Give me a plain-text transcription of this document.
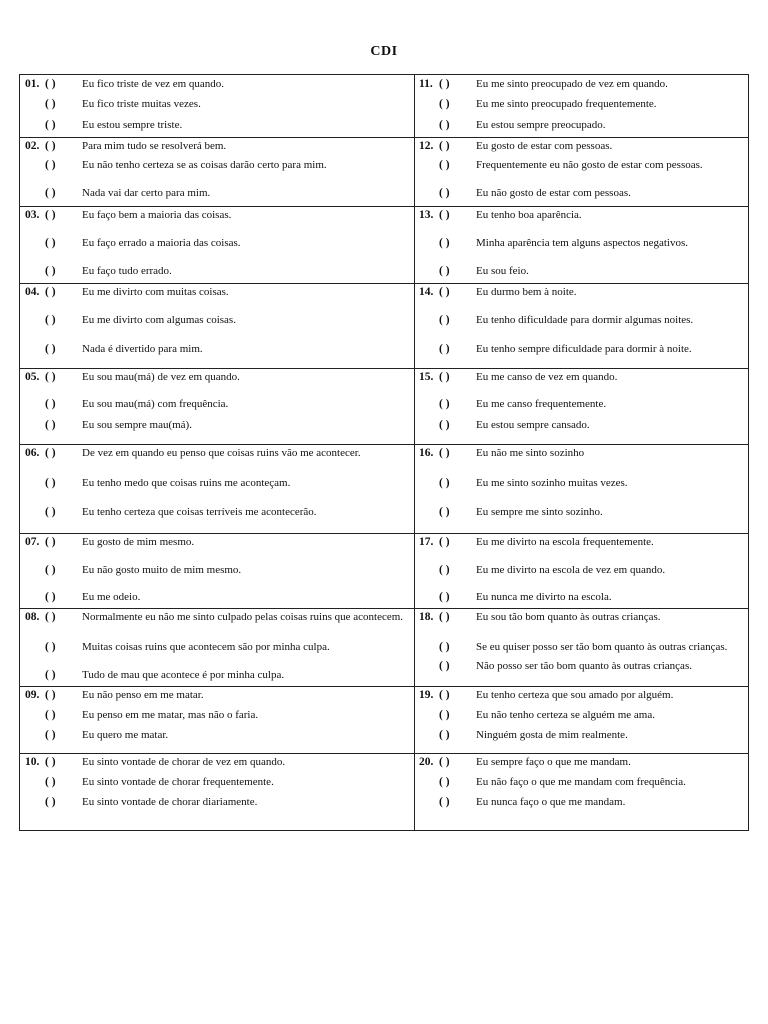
CDI
01. ( ) Eu fico triste de vez em quando.
( ) Eu fico triste muitas vezes.
( ) Eu estou sempre triste.
02. ( ) Para mim tudo se resolverá bem.
( ) Eu não tenho certeza se as coisas darão certo para mim.
( ) Nada vai dar certo para mim.
03. ( ) Eu faço bem a maioria das coisas.
( ) Eu faço errado a maioria das coisas.
( ) Eu faço tudo errado.
04. ( ) Eu me divirto com muitas coisas.
( ) Eu me divirto com algumas coisas.
( ) Nada é divertido para mim.
05. ( ) Eu sou mau(má) de vez em quando.
( ) Eu sou mau(má) com frequência.
( ) Eu sou sempre mau(má).
06. ( ) De vez em quando eu penso que coisas ruins vão me acontecer.
( ) Eu tenho medo que coisas ruins me aconteçam.
( ) Eu tenho certeza que coisas terríveis me acontecerão.
07. ( ) Eu gosto de mim mesmo.
( ) Eu não gosto muito de mim mesmo.
( ) Eu me odeio.
08. ( ) Normalmente eu não me sinto culpado pelas coisas ruins que acontecem.
( ) Muitas coisas ruins que acontecem são por minha culpa.
( ) Tudo de mau que acontece é por minha culpa.
09. ( ) Eu não penso em me matar.
( ) Eu penso em me matar, mas não o faria.
( ) Eu quero me matar.
10. ( ) Eu sinto vontade de chorar de vez em quando.
( ) Eu sinto vontade de chorar frequentemente.
( ) Eu sinto vontade de chorar diariamente.
11. ( ) Eu me sinto preocupado de vez em quando.
( ) Eu me sinto preocupado frequentemente.
( ) Eu estou sempre preocupado.
12. ( ) Eu gosto de estar com pessoas.
( ) Frequentemente eu não gosto de estar com pessoas.
( ) Eu não gosto de estar com pessoas.
13. ( ) Eu tenho boa aparência.
( ) Minha aparência tem alguns aspectos negativos.
( ) Eu sou feio.
14. ( ) Eu durmo bem à noite.
( ) Eu tenho dificuldade para dormir algumas noites.
( ) Eu tenho sempre dificuldade para dormir à noite.
15. ( ) Eu me canso de vez em quando.
( ) Eu me canso frequentemente.
( ) Eu estou sempre cansado.
16. ( ) Eu não me sinto sozinho
( ) Eu me sinto sozinho muitas vezes.
( ) Eu sempre me sinto sozinho.
17. ( ) Eu me divirto na escola frequentemente.
( ) Eu me divirto na escola de vez em quando.
( ) Eu nunca me divirto na escola.
18. ( ) Eu sou tão bom quanto às outras crianças.
( ) Se eu quiser posso ser tão bom quanto às outras crianças.
( ) Não posso ser tão bom quanto às outras crianças.
19. ( ) Eu tenho certeza que sou amado por alguém.
( ) Eu não tenho certeza se alguém me ama.
( ) Ninguém gosta de mim realmente.
20. ( ) Eu sempre faço o que me mandam.
( ) Eu não faço o que me mandam com frequência.
( ) Eu nunca faço o que me mandam.
